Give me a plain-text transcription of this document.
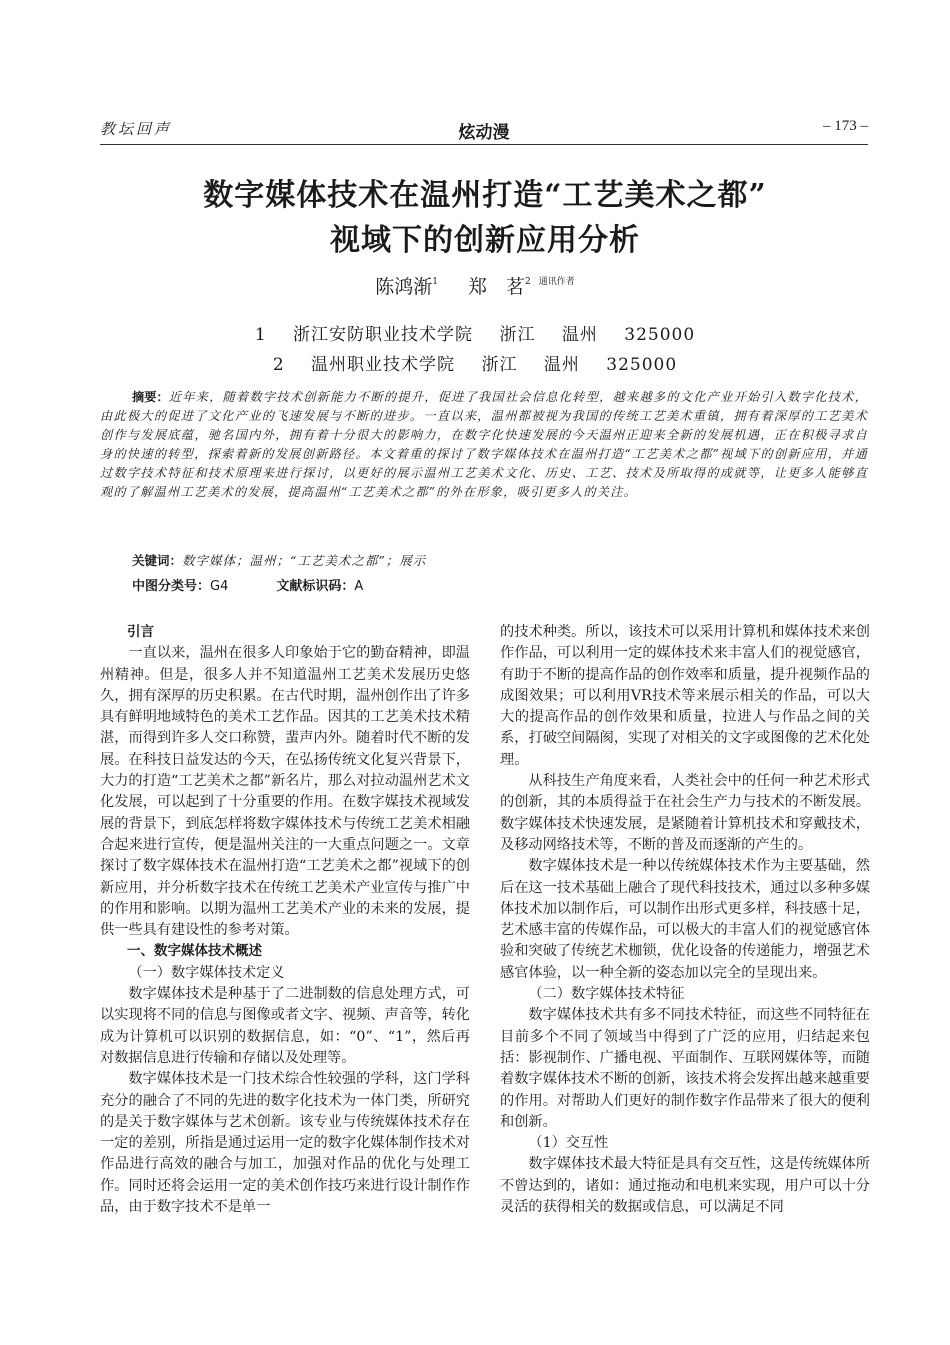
教坛回声	炫动漫	– 173 –
数字媒体技术在温州打造“工艺美术之都”
视域下的创新应用分析
陈鸿渐$^1$ 郑　茗$^2$ $^{通讯作者}$
1 浙江安防职业技术学院 浙江 温州 325000
2 温州职业技术学院 浙江 温州 325000
摘要：近年来，随着数字技术创新能力不断的提升，促进了我国社会信息化转型，越来越多的文化产业开始引入数字化技术，由此极大的促进了文化产业的飞速发展与不断的进步。一直以来，温州都被视为我国的传统工艺美术重镇，拥有着深厚的工艺美术创作与发展底蕴，驰名国内外，拥有着十分很大的影响力，在数字化快速发展的今天温州正迎来全新的发展机遇，正在积极寻求自身的快速的转型，探索着新的发展创新路径。本文着重的探讨了数字媒体技术在温州打造“工艺美术之都”视域下的创新应用，并通过数字技术特征和技术原理来进行探讨，以更好的展示温州工艺美术文化、历史、工艺、技术及所取得的成就等，让更多人能够直观的了解温州工艺美术的发展，提高温州“工艺美术之都”的外在形象，吸引更多人的关注。
关键词：数字媒体；温州；“工艺美术之都”；展示
中图分类号：G4	文献标识码：A

引言

一直以来，温州在很多人印象始于它的勤奋精神，即温州精神。但是，很多人并不知道温州工艺美术发展历史悠久，拥有深厚的历史积累。在古代时期，温州创作出了许多具有鲜明地域特色的美术工艺作品。因其的工艺美术技术精湛，而得到许多人交口称赞，蜚声内外。随着时代不断的发展。在科技日益发达的今天，在弘扬传统文化复兴背景下，大力的打造“工艺美术之都”新名片，那么对拉动温州艺术文化发展，可以起到了十分重要的作用。在数字媒技术视域发展的背景下，到底怎样将数字媒体技术与传统工艺美术相融合起来进行宣传，便是温州关注的一大重点问题之一。文章探讨了数字媒体技术在温州打造“工艺美术之都”视域下的创新应用，并分析数字技术在传统工艺美术产业宣传与推广中的作用和影响。以期为温州工艺美术产业的未来的发展，提供一些具有建设性的参考对策。

一、数字媒体技术概述

（一）数字媒体技术定义

数字媒体技术是种基于了二进制数的信息处理方式，可以实现将不同的信息与图像或者文字、视频、声音等，转化成为计算机可以识别的数据信息，如：“0”、“1”，然后再对数据信息进行传输和存储以及处理等。

数字媒体技术是一门技术综合性较强的学科，这门学科充分的融合了不同的先进的数字化技术为一体门类，所研究的是关于数字媒体与艺术创新。该专业与传统媒体技术存在一定的差别，所指是通过运用一定的数字化媒体制作技术对作品进行高效的融合与加工，加强对作品的优化与处理工作。同时还将会运用一定的美术创作技巧来进行设计制作作品，由于数字技术不是单一

的技术种类。所以，该技术可以采用计算机和媒体技术来创作作品，可以利用一定的媒体技术来丰富人们的视觉感官，有助于不断的提高作品的创作效率和质量，提升视频作品的成图效果；可以利用VR技术等来展示相关的作品，可以大大的提高作品的创作效果和质量，拉进人与作品之间的关系，打破空间隔阂，实现了对相关的文字或图像的艺术化处理。

从科技生产角度来看，人类社会中的任何一种艺术形式的创新，其的本质得益于在社会生产力与技术的不断发展。数字媒体技术快速发展，是紧随着计算机技术和穿戴技术，及移动网络技术等，不断的普及而逐渐的产生的。

数字媒体技术是一种以传统媒体技术作为主要基础，然后在这一技术基础上融合了现代科技技术，通过以多种多媒体技术加以制作后，可以制作出形式更多样，科技感十足，艺术感丰富的传媒作品，可以极大的丰富人们的视觉感官体验和突破了传统艺术枷锁，优化设备的传递能力，增强艺术感官体验，以一种全新的姿态加以完全的呈现出来。

（二）数字媒体技术特征

数字媒体技术共有多不同技术特征，而这些不同特征在目前多个不同了领域当中得到了广泛的应用，归结起来包括：影视制作、广播电视、平面制作、互联网媒体等，而随着数字媒体技术不断的创新，该技术将会发挥出越来越重要的作用。对帮助人们更好的制作数字作品带来了很大的便利和创新。

（1）交互性

数字媒体技术最大特征是具有交互性，这是传统媒体所不曾达到的，诸如：通过拖动和电机来实现，用户可以十分灵活的获得相关的数据或信息，可以满足不同
